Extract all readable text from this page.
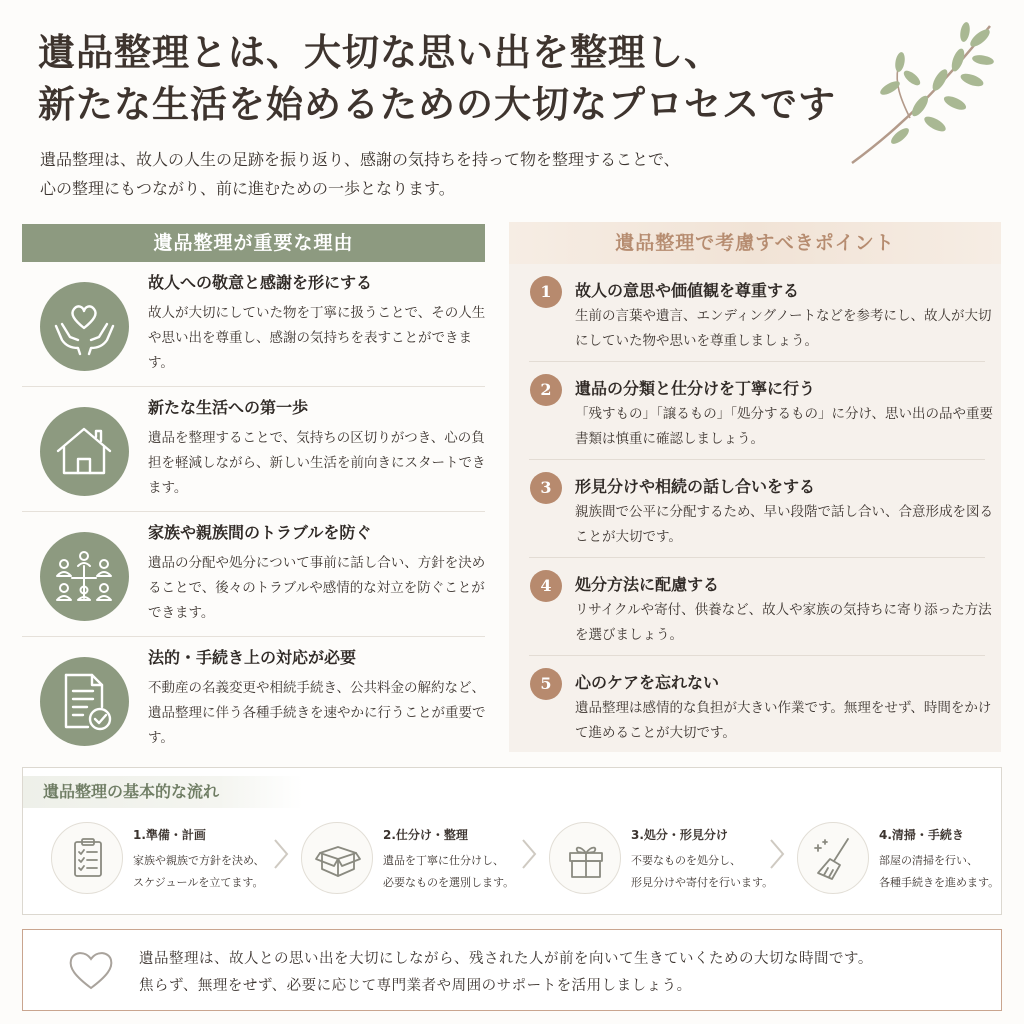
遺品整理とは、大切な思い出を整理し、
新たな生活を始めるための大切なプロセスです
遺品整理は、故人の人生の足跡を振り返り、感謝の気持ちを持って物を整理することで、
心の整理にもつながり、前に進むための一歩となります。
遺品整理が重要な理由
故人への敬意と感謝を形にする
故人が大切にしていた物を丁寧に扱うことで、その人生や思い出を尊重し、感謝の気持ちを表すことができます。
新たな生活への第一歩
遺品を整理することで、気持ちの区切りがつき、心の負担を軽減しながら、新しい生活を前向きにスタートできます。
家族や親族間のトラブルを防ぐ
遺品の分配や処分について事前に話し合い、方針を決めることで、後々のトラブルや感情的な対立を防ぐことができます。
法的・手続き上の対応が必要
不動産の名義変更や相続手続き、公共料金の解約など、遺品整理に伴う各種手続きを速やかに行うことが重要です。
遺品整理で考慮すべきポイント
1	故人の意思や価値観を尊重する
生前の言葉や遺言、エンディングノートなどを参考にし、故人が大切にしていた物や思いを尊重しましょう。
2	遺品の分類と仕分けを丁寧に行う
「残すもの」「譲るもの」「処分するもの」に分け、思い出の品や重要書類は慎重に確認しましょう。
3	形見分けや相続の話し合いをする
親族間で公平に分配するため、早い段階で話し合い、合意形成を図ることが大切です。
4	処分方法に配慮する
リサイクルや寄付、供養など、故人や家族の気持ちに寄り添った方法を選びましょう。
5	心のケアを忘れない
遺品整理は感情的な負担が大きい作業です。無理をせず、時間をかけて進めることが大切です。
遺品整理の基本的な流れ
1.準備・計画
家族や親族で方針を決め、
スケジュールを立てます。
2.仕分け・整理
遺品を丁寧に仕分けし、
必要なものを選別します。
3.処分・形見分け
不要なものを処分し、
形見分けや寄付を行います。
4.清掃・手続き
部屋の清掃を行い、
各種手続きを進めます。
遺品整理は、故人との思い出を大切にしながら、残された人が前を向いて生きていくための大切な時間です。
焦らず、無理をせず、必要に応じて専門業者や周囲のサポートを活用しましょう。
